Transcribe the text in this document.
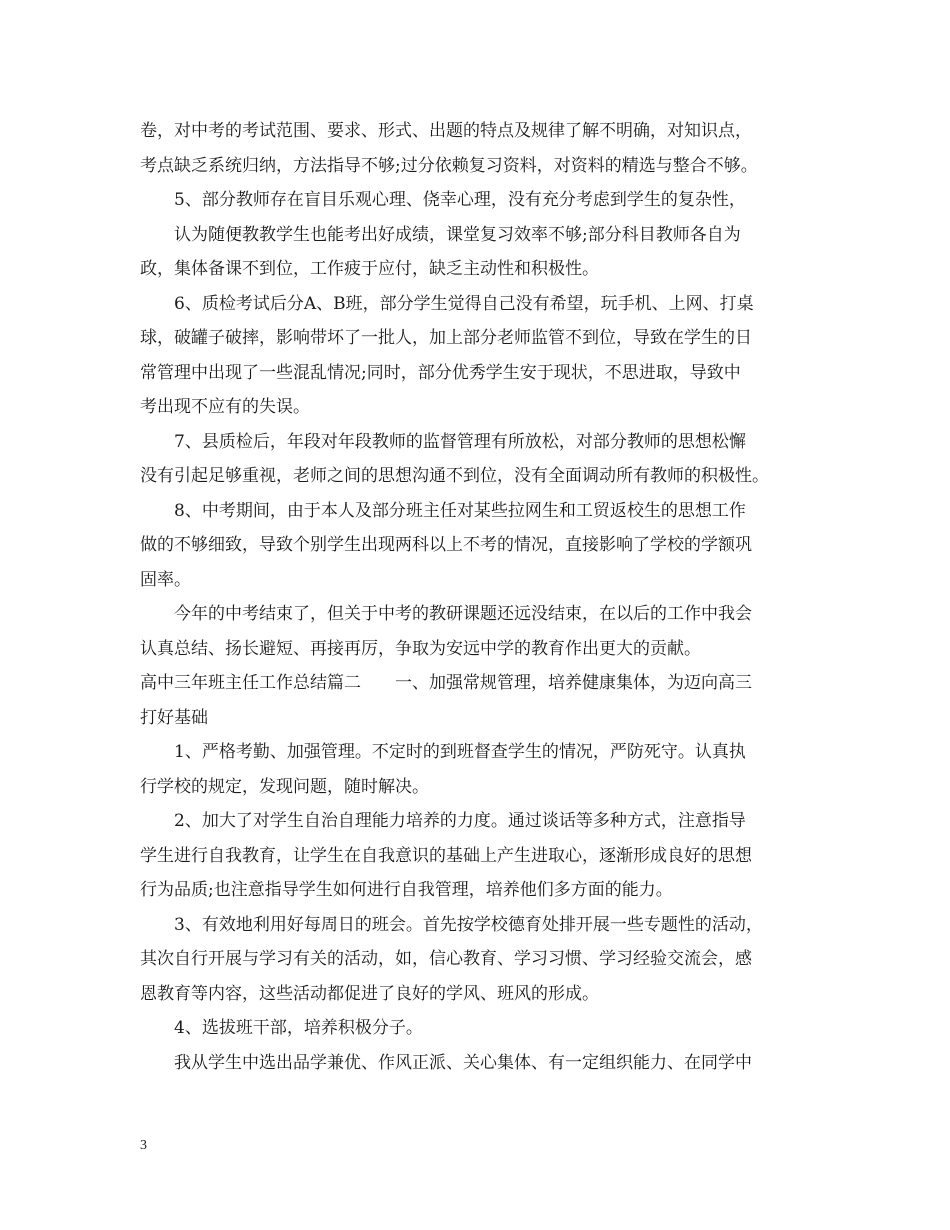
卷，对中考的考试范围、要求、形式、出题的特点及规律了解不明确，对知识点，
考点缺乏系统归纳，方法指导不够;过分依赖复习资料，对资料的精选与整合不够。
5、部分教师存在盲目乐观心理、侥幸心理，没有充分考虑到学生的复杂性，
认为随便教教学生也能考出好成绩，课堂复习效率不够;部分科目教师各自为
政，集体备课不到位，工作疲于应付，缺乏主动性和积极性。
6、质检考试后分A、B班，部分学生觉得自己没有希望，玩手机、上网、打桌
球，破罐子破摔，影响带坏了一批人，加上部分老师监管不到位，导致在学生的日
常管理中出现了一些混乱情况;同时，部分优秀学生安于现状，不思进取，导致中
考出现不应有的失误。
7、县质检后，年段对年段教师的监督管理有所放松，对部分教师的思想松懈
没有引起足够重视，老师之间的思想沟通不到位，没有全面调动所有教师的积极性。
8、中考期间，由于本人及部分班主任对某些拉网生和工贸返校生的思想工作
做的不够细致，导致个别学生出现两科以上不考的情况，直接影响了学校的学额巩
固率。
今年的中考结束了，但关于中考的教研课题还远没结束，在以后的工作中我会
认真总结、扬长避短、再接再厉，争取为安远中学的教育作出更大的贡献。
高中三年班主任工作总结篇二　　一、加强常规管理，培养健康集体，为迈向高三
打好基础
1、严格考勤、加强管理。不定时的到班督查学生的情况，严防死守。认真执
行学校的规定，发现问题，随时解决。
2、加大了对学生自治自理能力培养的力度。通过谈话等多种方式，注意指导
学生进行自我教育，让学生在自我意识的基础上产生进取心，逐渐形成良好的思想
行为品质;也注意指导学生如何进行自我管理，培养他们多方面的能力。
3、有效地利用好每周日的班会。首先按学校德育处排开展一些专题性的活动，
其次自行开展与学习有关的活动，如，信心教育、学习习惯、学习经验交流会，感
恩教育等内容，这些活动都促进了良好的学风、班风的形成。
4、选拔班干部，培养积极分子。
我从学生中选出品学兼优、作风正派、关心集体、有一定组织能力、在同学中
3
